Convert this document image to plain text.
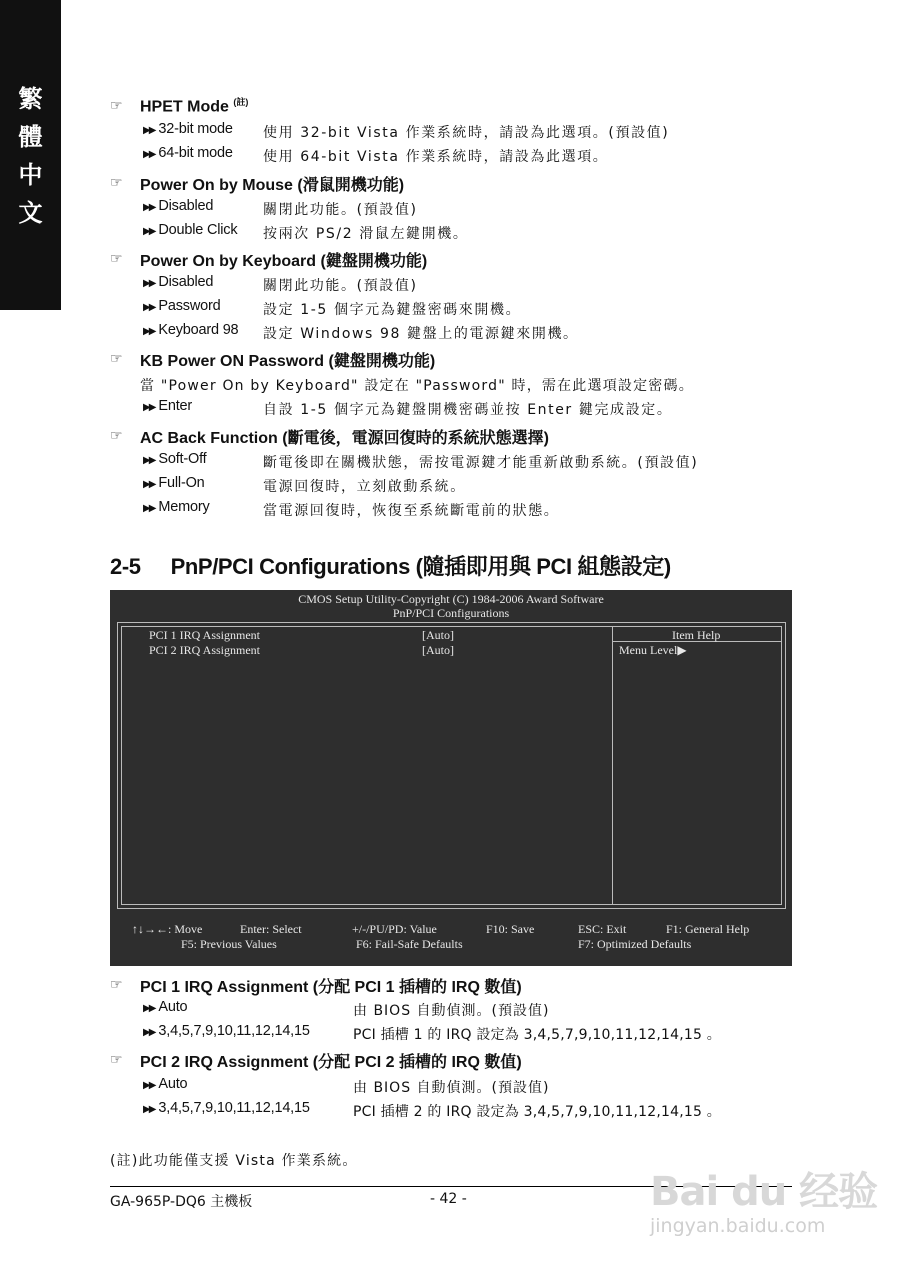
繁
體
中
文
☞ HPET Mode $^{(註)}$
▶▶ 32-bit mode 使用 32-bit Vista 作業系統時，請設為此選項。(預設值)
▶▶ 64-bit mode 使用 64-bit Vista 作業系統時，請設為此選項。
☞ Power On by Mouse (滑鼠開機功能)
▶▶ Disabled	關閉此功能。(預設值)
▶▶ Double Click 按兩次 PS/2 滑鼠左鍵開機。
☞ Power On by Keyboard (鍵盤開機功能)
▶▶ Disabled	關閉此功能。(預設值)
▶▶ Password	設定 1-5 個字元為鍵盤密碼來開機。
▶▶ Keyboard 98 設定 Windows 98 鍵盤上的電源鍵來開機。
☞ KB Power ON Password (鍵盤開機功能)
當 "Power On by Keyboard" 設定在 "Password" 時，需在此選項設定密碼。
▶▶ Enter	自設 1-5 個字元為鍵盤開機密碼並按 Enter 鍵完成設定。
☞ AC Back Function (斷電後，電源回復時的系統狀態選擇)
▶▶ Soft-Off	斷電後即在關機狀態，需按電源鍵才能重新啟動系統。(預設值)
▶▶ Full-On	電源回復時，立刻啟動系統。
▶▶ Memory	當電源回復時，恢復至系統斷電前的狀態。
2-5 PnP/PCI Configurations (隨插即用與 PCI 組態設定)
CMOS Setup Utility-Copyright (C) 1984-2006 Award Software
PnP/PCI Configurations
PCI 1 IRQ Assignment	[Auto]
PCI 2 IRQ Assignment	[Auto]
Item Help
Menu Level▶
↑↓→←: Move	Enter: Select	+/-/PU/PD: Value	F10: Save	ESC: Exit	F1: General Help
F5: Previous Values	F6: Fail-Safe Defaults	F7: Optimized Defaults
☞ PCI 1 IRQ Assignment (分配 PCI 1 插槽的 IRQ 數值)
▶▶ Auto	由 BIOS 自動偵測。(預設值)
▶▶ 3,4,5,7,9,10,11,12,14,15	PCI 插槽 1 的 IRQ 設定為 3,4,5,7,9,10,11,12,14,15 。
☞ PCI 2 IRQ Assignment (分配 PCI 2 插槽的 IRQ 數值)
▶▶ Auto	由 BIOS 自動偵測。(預設值)
▶▶ 3,4,5,7,9,10,11,12,14,15	PCI 插槽 2 的 IRQ 設定為 3,4,5,7,9,10,11,12,14,15 。
(註)此功能僅支援 Vista 作業系統。
GA-965P-DQ6 主機板	- 42 -	Bai du 经验
jingyan.baidu.com
